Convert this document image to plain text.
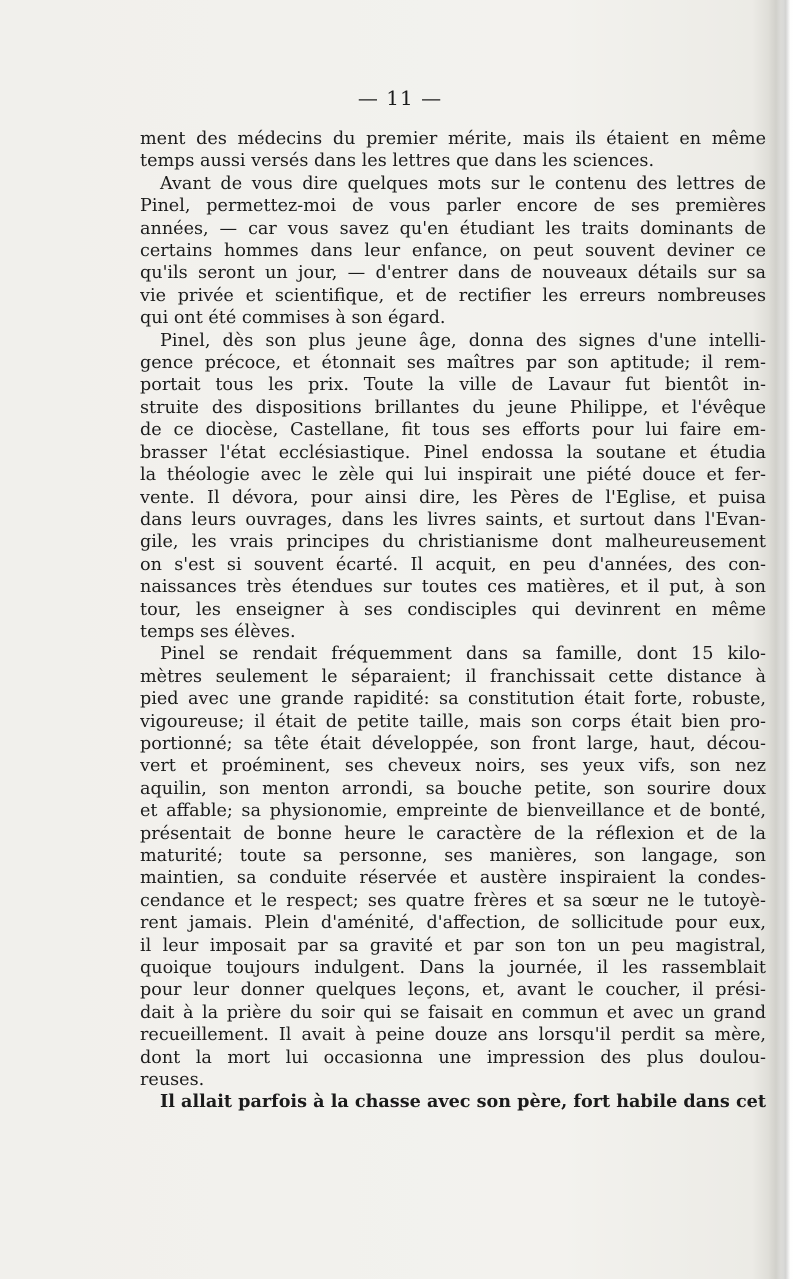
— 11 —

ment des médecins du premier mérite, mais ils étaient en même
temps aussi versés dans les lettres que dans les sciences.
Avant de vous dire quelques mots sur le contenu des lettres de
Pinel, permettez-moi de vous parler encore de ses premières
années, — car vous savez qu'en étudiant les traits dominants de
certains hommes dans leur enfance, on peut souvent deviner ce
qu'ils seront un jour, — d'entrer dans de nouveaux détails sur sa
vie privée et scientifique, et de rectifier les erreurs nombreuses
qui ont été commises à son égard.
Pinel, dès son plus jeune âge, donna des signes d'une intelli-
gence précoce, et étonnait ses maîtres par son aptitude; il rem-
portait tous les prix. Toute la ville de Lavaur fut bientôt in-
struite des dispositions brillantes du jeune Philippe, et l'évêque
de ce diocèse, Castellane, fit tous ses efforts pour lui faire em-
brasser l'état ecclésiastique. Pinel endossa la soutane et étudia
la théologie avec le zèle qui lui inspirait une piété douce et fer-
vente. Il dévora, pour ainsi dire, les Pères de l'Eglise, et puisa
dans leurs ouvrages, dans les livres saints, et surtout dans l'Evan-
gile, les vrais principes du christianisme dont malheureusement
on s'est si souvent écarté. Il acquit, en peu d'années, des con-
naissances très étendues sur toutes ces matières, et il put, à son
tour, les enseigner à ses condisciples qui devinrent en même
temps ses élèves.
Pinel se rendait fréquemment dans sa famille, dont 15 kilo-
mètres seulement le séparaient; il franchissait cette distance à
pied avec une grande rapidité: sa constitution était forte, robuste,
vigoureuse; il était de petite taille, mais son corps était bien pro-
portionné; sa tête était développée, son front large, haut, décou-
vert et proéminent, ses cheveux noirs, ses yeux vifs, son nez
aquilin, son menton arrondi, sa bouche petite, son sourire doux
et affable; sa physionomie, empreinte de bienveillance et de bonté,
présentait de bonne heure le caractère de la réflexion et de la
maturité; toute sa personne, ses manières, son langage, son
maintien, sa conduite réservée et austère inspiraient la condes-
cendance et le respect; ses quatre frères et sa sœur ne le tutoyè-
rent jamais. Plein d'aménité, d'affection, de sollicitude pour eux,
il leur imposait par sa gravité et par son ton un peu magistral,
quoique toujours indulgent. Dans la journée, il les rassemblait
pour leur donner quelques leçons, et, avant le coucher, il prési-
dait à la prière du soir qui se faisait en commun et avec un grand
recueillement. Il avait à peine douze ans lorsqu'il perdit sa mère,
dont la mort lui occasionna une impression des plus doulou-
reuses.
Il allait parfois à la chasse avec son père, fort habile dans cet
